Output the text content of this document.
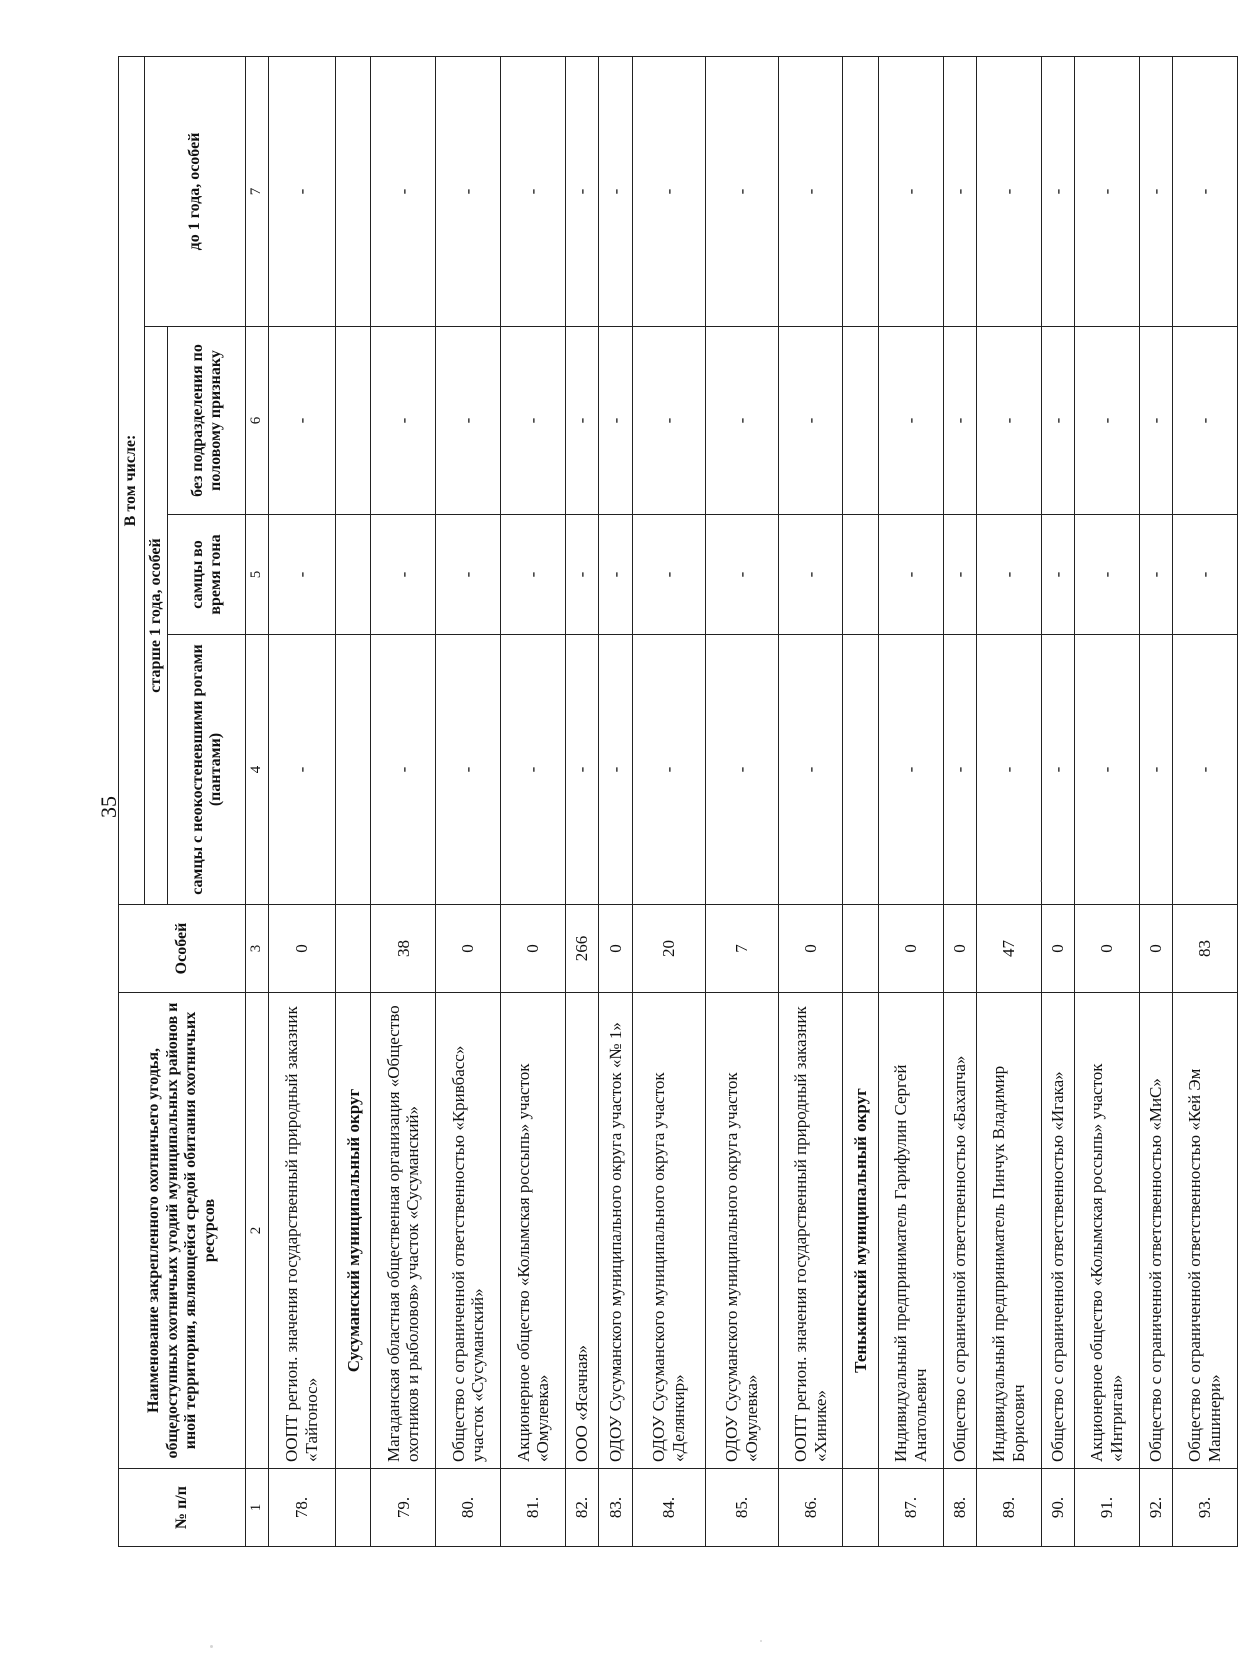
35
№ п/п	Наименование закрепленного охотничьего угодья, общедоступных охотничьих угодий муниципальных районов и иной территории, являющейся средой обитания охотничьих ресурсов	Особей	В том числе:			
			старше 1 года, особей			до 1 года, особей
			самцы с неокостеневшими рогами (пантами)	самцы во время гона	без подразделения по половому признаку	
1	2	3	4	5	6	7
78.	ООПТ регион. значения государственный природный заказник «Тайгонос»	0	-	-	-	-
	Сусуманский муниципальный округ					
79.	Магаданская областная общественная организация «Общество охотников и рыболовов» участок «Сусуманский»	38	-	-	-	-
80.	Общество с ограниченной ответственностью «Кривбасс» участок «Сусуманский»	0	-	-	-	-
81.	Акционерное общество «Колымская россыпь» участок «Омулевка»	0	-	-	-	-
82.	ООО «Ясачная»	266	-	-	-	-
83.	ОДОУ Сусуманского муниципального округа участок «№ 1»	0	-	-	-	-
84.	ОДОУ Сусуманского муниципального округа участок «Делянкир»	20	-	-	-	-
85.	ОДОУ Сусуманского муниципального округа участок «Омулевка»	7	-	-	-	-
86.	ООПТ регион. значения государственный природный заказник «Хинике»	0	-	-	-	-
	Тенькинский муниципальный округ					
87.	Индивидуальный предприниматель Гарифулин Сергей Анатольевич	0	-	-	-	-
88.	Общество с ограниченной ответственностью «Бахапча»	0	-	-	-	-
89.	Индивидуальный предприниматель Пинчук Владимир Борисович	47	-	-	-	-
90.	Общество с ограниченной ответственностью «Игака»	0	-	-	-	-
91.	Акционерное общество «Колымская россыпь» участок «Интриган»	0	-	-	-	-
92.	Общество с ограниченной ответственностью «МиС»	0	-	-	-	-
93.	Общество с ограниченной ответственностью «Кей Эм Машинери»	83	-	-	-	-
